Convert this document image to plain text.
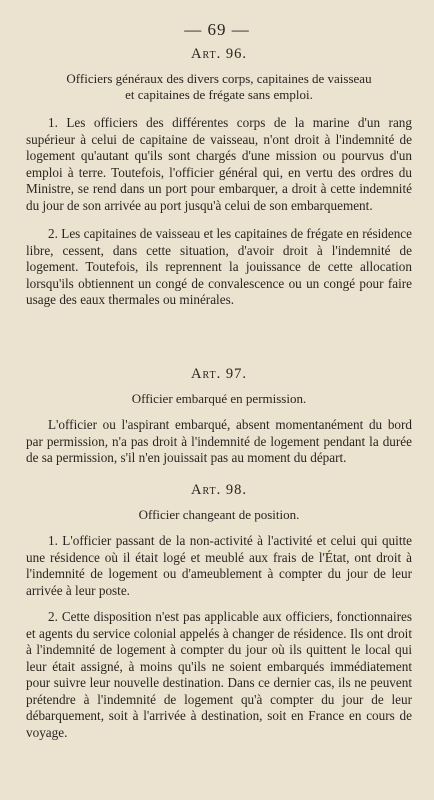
— 69 —
Art. 96.
Officiers généraux des divers corps, capitaines de vaisseau
et capitaines de frégate sans emploi.

1. Les officiers des différentes corps de la marine d'un rang supérieur à celui de capitaine de vaisseau, n'ont droit à l'indemnité de logement qu'autant qu'ils sont chargés d'une mission ou pourvus d'un emploi à terre. Toutefois, l'officier général qui, en vertu des ordres du Ministre, se rend dans un port pour embarquer, a droit à cette indemnité du jour de son arrivée au port jusqu'à celui de son embarquement.

2. Les capitaines de vaisseau et les capitaines de frégate en résidence libre, cessent, dans cette situation, d'avoir droit à l'indemnité de logement. Toutefois, ils reprennent la jouissance de cette allocation lorsqu'ils obtiennent un congé de convalescence ou un congé pour faire usage des eaux thermales ou minérales.

Art. 97.
Officier embarqué en permission.

L'officier ou l'aspirant embarqué, absent momentanément du bord par permission, n'a pas droit à l'indemnité de logement pendant la durée de sa permission, s'il n'en jouissait pas au moment du départ.

Art. 98.
Officier changeant de position.

1. L'officier passant de la non-activité à l'activité et celui qui quitte une résidence où il était logé et meublé aux frais de l'État, ont droit à l'indemnité de logement ou d'ameublement à compter du jour de leur arrivée à leur poste.

2. Cette disposition n'est pas applicable aux officiers, fonctionnaires et agents du service colonial appelés à changer de résidence. Ils ont droit à l'indemnité de logement à compter du jour où ils quittent le local qui leur était assigné, à moins qu'ils ne soient embarqués immédiatement pour suivre leur nouvelle destination. Dans ce dernier cas, ils ne peuvent prétendre à l'indemnité de logement qu'à compter du jour de leur débarquement, soit à l'arrivée à destination, soit en France en cours de voyage.
